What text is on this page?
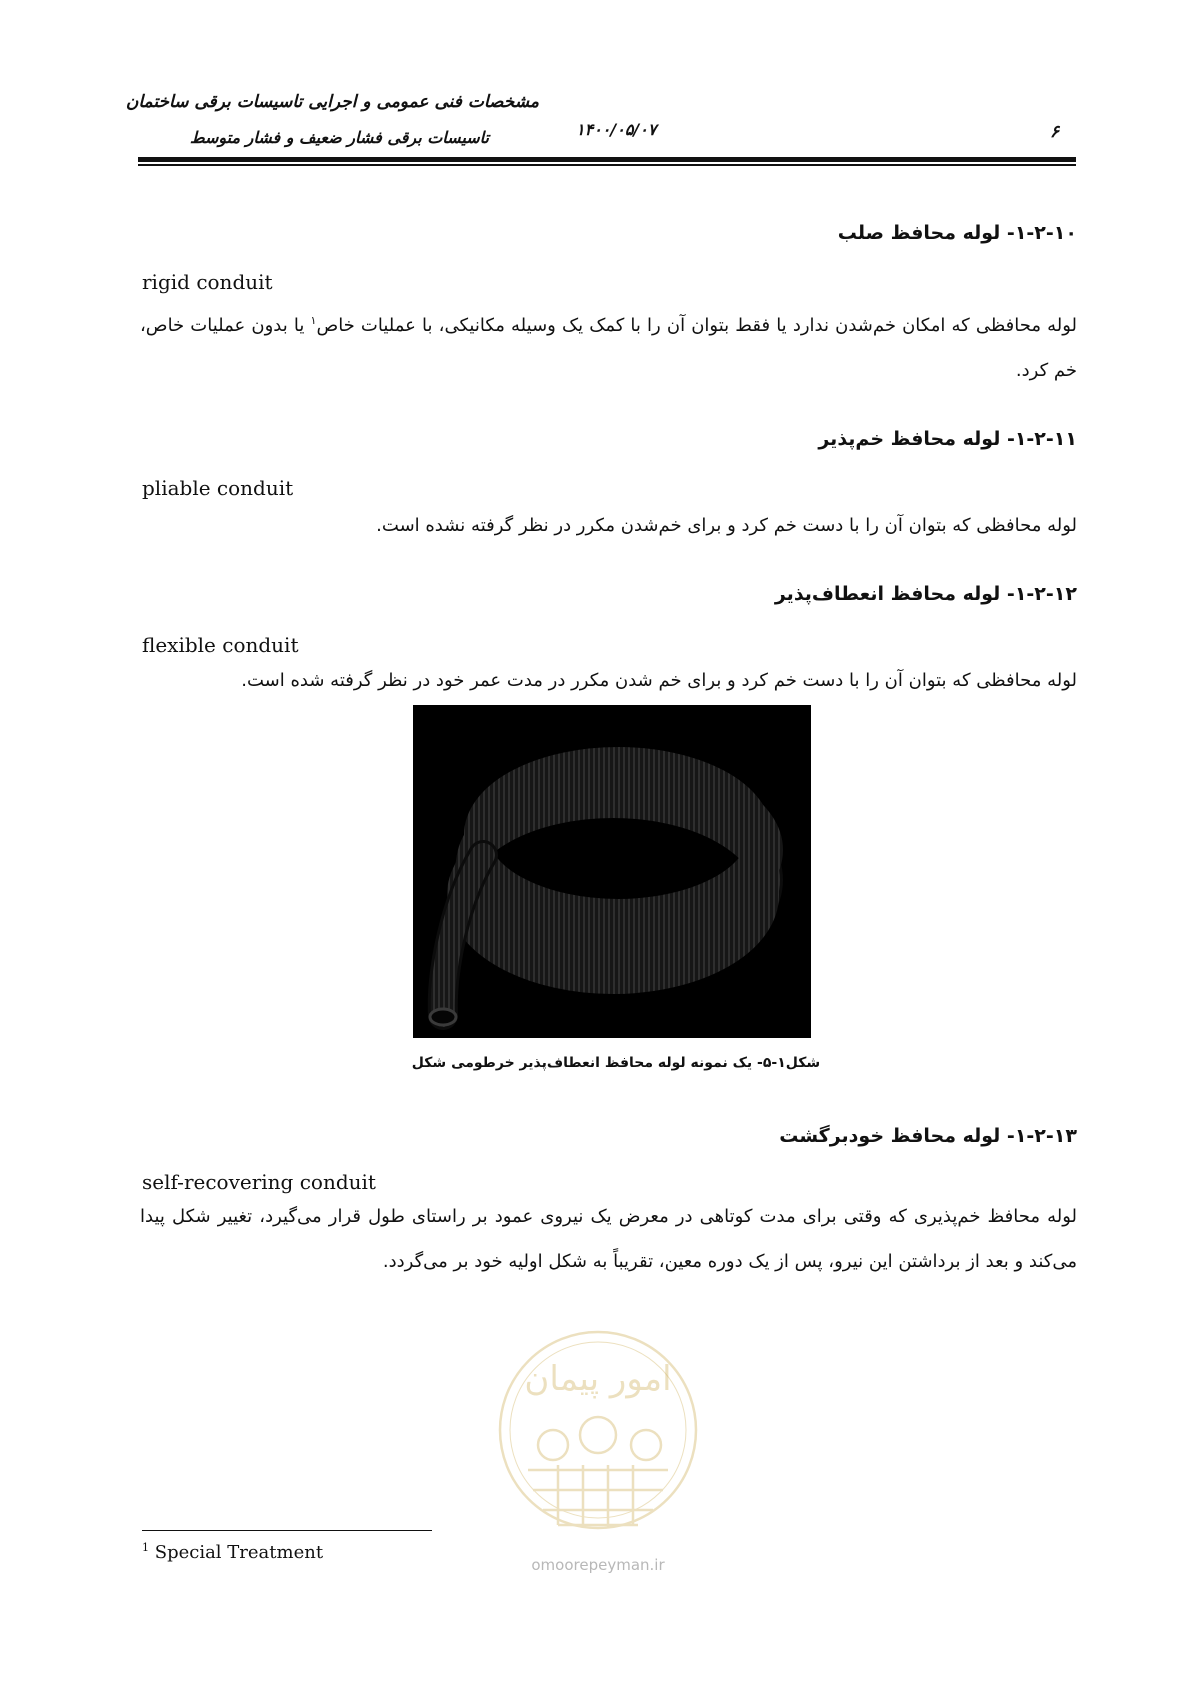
مشخصات فنی عمومی و اجرایی تاسیسات برقی ساختمان
تاسیسات برقی فشار ضعیف و فشار متوسط	۱۴۰۰/۰۵/۰۷	۶
۱-۲-۱۰- لوله محافظ صلب
rigid conduit
لوله محافظی که امکان خم‌شدن ندارد یا فقط بتوان آن را با کمک یک وسیله مکانیکی، با عملیات خاص$^۱$ یا بدون عملیات خاص، خم کرد.
۱-۲-۱۱- لوله محافظ خم‌پذیر
pliable conduit
لوله محافظی که بتوان آن را با دست خم کرد و برای خم‌شدن مکرر در نظر گرفته نشده است.
۱-۲-۱۲- لوله محافظ انعطاف‌پذیر
flexible conduit
لوله محافظی که بتوان آن را با دست خم کرد و برای خم شدن مکرر در مدت عمر خود در نظر گرفته شده است.
شکل۱-۵- یک نمونه لوله محافظ انعطاف‌پذیر خرطومی شکل
۱-۲-۱۳- لوله محافظ خودبرگشت
self-recovering conduit
لوله محافظ خم‌پذیری که وقتی برای مدت کوتاهی در معرض یک نیروی عمود بر راستای طول قرار می‌گیرد، تغییر شکل پیدا می‌کند و بعد از برداشتن این نیرو، پس از یک دوره معین، تقریباً به شکل اولیه خود بر می‌گردد.
امور پیمان
omoorepeyman.ir
$^1$ Special Treatment
